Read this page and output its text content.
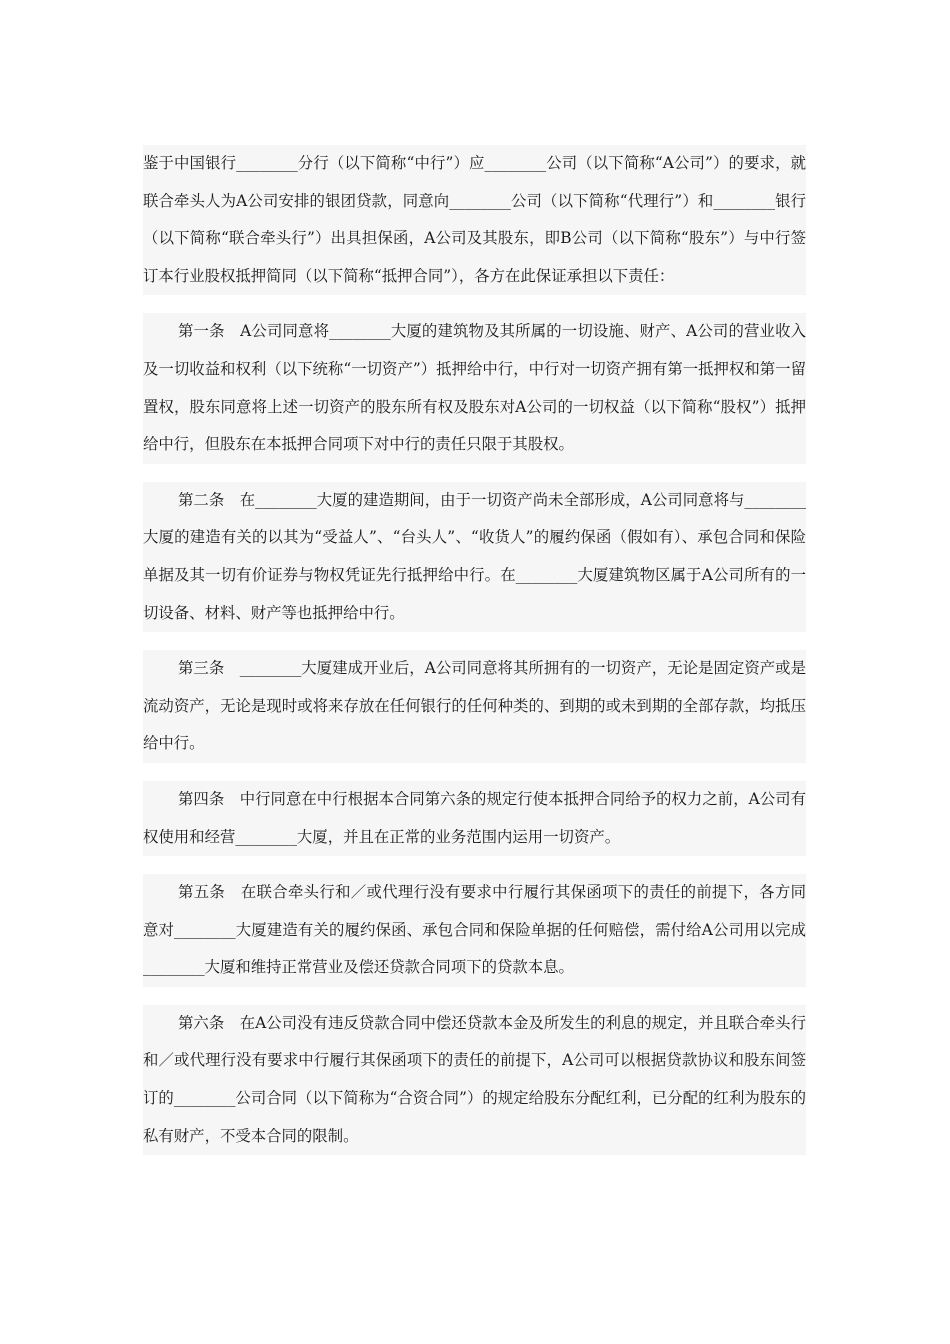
鉴于中国银行________分行（以下简称“中行”）应________公司（以下简称“A公司”）的要求，就联合牵头人为A公司安排的银团贷款，同意向________公司（以下简称“代理行”）和________银行（以下简称“联合牵头行”）出具担保函，A公司及其股东，即B公司（以下简称“股东”）与中行签订本行业股权抵押简同（以下简称“抵押合同”），各方在此保证承担以下责任：

第一条　A公司同意将________大厦的建筑物及其所属的一切设施、财产、A公司的营业收入及一切收益和权利（以下统称“一切资产”）抵押给中行，中行对一切资产拥有第一抵押权和第一留置权，股东同意将上述一切资产的股东所有权及股东对A公司的一切权益（以下简称“股权”）抵押给中行，但股东在本抵押合同项下对中行的责任只限于其股权。

第二条　在________大厦的建造期间，由于一切资产尚未全部形成，A公司同意将与________大厦的建造有关的以其为“受益人”、“台头人”、“收货人”的履约保函（假如有）、承包合同和保险单据及其一切有价证券与物权凭证先行抵押给中行。在________大厦建筑物区属于A公司所有的一切设备、材料、财产等也抵押给中行。

第三条　________大厦建成开业后，A公司同意将其所拥有的一切资产，无论是固定资产或是流动资产，无论是现时或将来存放在任何银行的任何种类的、到期的或未到期的全部存款，均抵压给中行。

第四条　中行同意在中行根据本合同第六条的规定行使本抵押合同给予的权力之前，A公司有权使用和经营________大厦，并且在正常的业务范围内运用一切资产。

第五条　在联合牵头行和／或代理行没有要求中行履行其保函项下的责任的前提下，各方同意对________大厦建造有关的履约保函、承包合同和保险单据的任何赔偿，需付给A公司用以完成________大厦和维持正常营业及偿还贷款合同项下的贷款本息。

第六条　在A公司没有违反贷款合同中偿还贷款本金及所发生的利息的规定，并且联合牵头行和／或代理行没有要求中行履行其保函项下的责任的前提下，A公司可以根据贷款协议和股东间签订的________公司合同（以下简称为“合资合同”）的规定给股东分配红利，已分配的红利为股东的私有财产，不受本合同的限制。
